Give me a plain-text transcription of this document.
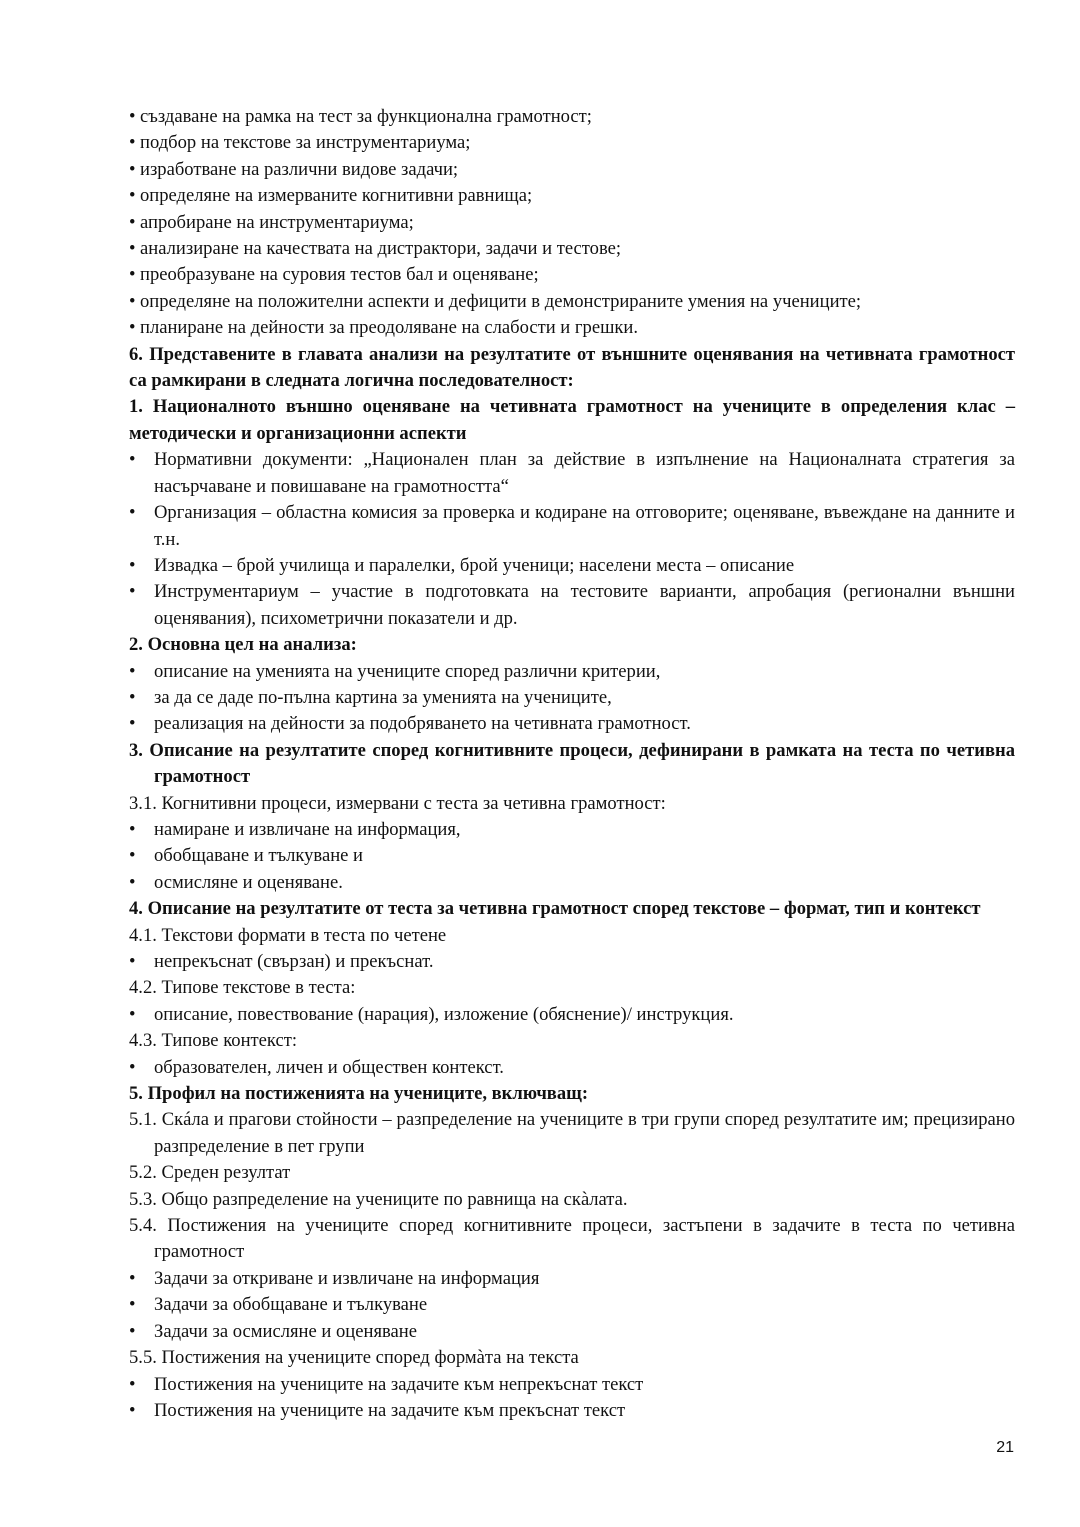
• създаване на рамка на тест за функционална грамотност;
• подбор на текстове за инструментариума;
• изработване на различни видове задачи;
• определяне на измерваните когнитивни равнища;
• апробиране на инструментариума;
• анализиране на качествата на дистрактори, задачи и тестове;
• преобразуване на суровия тестов бал и оценяване;
• определяне на положителни аспекти и дефицити в демонстрираните умения на учениците;
• планиране на дейности за преодоляване на слабости и грешки.

6. Представените в главата анализи на резултатите от външните оценявания на четивната грамотност са рамкирани в следната логична последователност:

1. Националното външно оценяване на четивната грамотност на учениците в определения клас – методически и организационни аспекти

• Нормативни документи: „Национален план за действие в изпълнение на Националната стратегия за насърчаване и повишаване на грамотността“
• Организация – областна комисия за проверка и кодиране на отговорите; оценяване, въвеждане на данните и т.н.
• Извадка – брой училища и паралелки, брой ученици; населени места – описание
• Инструментариум – участие в подготовката на тестовите варианти, апробация (регионални външни оценявания), психометрични показатели и др.

2. Основна цел на анализа:

• описание на уменията на учениците според различни критерии,
• за да се даде по-пълна картина за уменията на учениците,
• реализация на дейности за подобряването на четивната грамотност.

3. Описание на резултатите според когнитивните процеси, дефинирани в рамката на теста по четивна грамотност

3.1. Когнитивни процеси, измервани с теста за четивна грамотност:

• намиране и извличане на информация,
• обобщаване и тълкуване и
• осмисляне и оценяване.

4. Описание на резултатите от теста за четивна грамотност според текстове – формат, тип и контекст

4.1. Текстови формати в теста по четене

• непрекъснат (свързан) и прекъснат.

4.2. Типове текстове в теста:

• описание, повествование (нарация), изложение (обяснение)/ инструкция.

4.3. Типове контекст:

• образователен, личен и обществен контекст.

5. Профил на постиженията на учениците, включващ:

5.1. Скáла и прагови стойности – разпределение на учениците в три групи според резултатите им; прецизирано разпределение в пет групи

5.2. Среден резултат

5.3. Общо разпределение на учениците по равнища на скàлата.

5.4. Постижения на учениците според когнитивните процеси, застъпени в задачите в теста по четивна грамотност

• Задачи за откриване и извличане на информация
• Задачи за обобщаване и тълкуване
• Задачи за осмисляне и оценяване

5.5. Постижения на учениците според формàта на текста

• Постижения на учениците на задачите към непрекъснат текст
• Постижения на учениците на задачите към прекъснат текст
21
